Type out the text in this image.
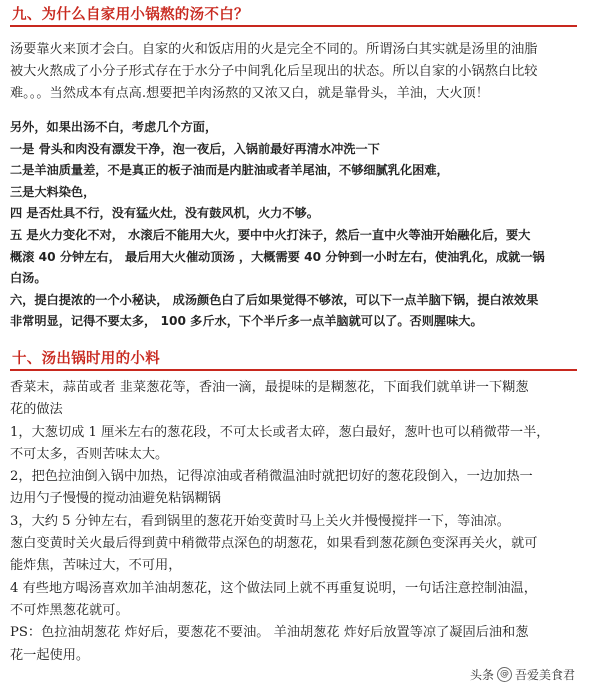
九、为什么自家用小锅熬的汤不白？

汤要靠火来顶才会白。自家的火和饭店用的火是完全不同的。所谓汤白其实就是汤里的油脂

被大火熬成了小分子形式存在于水分子中间乳化后呈现出的状态。所以自家的小锅熬白比较

难。。。当然成本有点高.想要把羊肉汤熬的又浓又白，就是靠骨头，羊油，大火顶！

另外，如果出汤不白，考虑几个方面，

一是 骨头和肉没有漂发干净，泡一夜后，入锅前最好再清水冲洗一下

二是羊油质量差，不是真正的板子油而是内脏油或者羊尾油，不够细腻乳化困难，

三是大料染色，

四 是否灶具不行，没有猛火灶，没有鼓风机，火力不够。

五 是火力变化不对， 水滚后不能用大火，要中中火打沫子，然后一直中火等油开始融化后，要大

概滚 40 分钟左右， 最后用大火催动顶汤 ，大概需要 40 分钟到一小时左右，使油乳化，成就一锅

白汤。

六，提白提浓的一个小秘诀， 成汤颜色白了后如果觉得不够浓，可以下一点羊脑下锅，提白浓效果

非常明显，记得不要太多， 100 多斤水，下个半斤多一点羊脑就可以了。否则腥味大。

十、汤出锅时用的小料

香菜末，蒜苗或者 韭菜葱花等，香油一滴，最提味的是糊葱花，下面我们就单讲一下糊葱

花的做法

1，大葱切成 1 厘米左右的葱花段，不可太长或者太碎，葱白最好，葱叶也可以稍微带一半，

不可太多，否则苦味太大。

2，把色拉油倒入锅中加热，记得凉油或者稍微温油时就把切好的葱花段倒入，一边加热一

边用勺子慢慢的搅动油避免粘锅糊锅

3，大约 5 分钟左右，看到锅里的葱花开始变黄时马上关火并慢慢搅拌一下，等油凉。

葱白变黄时关火最后得到黄中稍微带点深色的胡葱花，如果看到葱花颜色变深再关火，就可

能炸焦，苦味过大，不可用，

4 有些地方喝汤喜欢加羊油胡葱花，这个做法同上就不再重复说明，一句话注意控制油温，

不可炸黑葱花就可。

PS：色拉油胡葱花 炸好后，要葱花不要油。 羊油胡葱花 炸好后放置等凉了凝固后油和葱

花一起使用。

头条 @ 吾爱美食君
